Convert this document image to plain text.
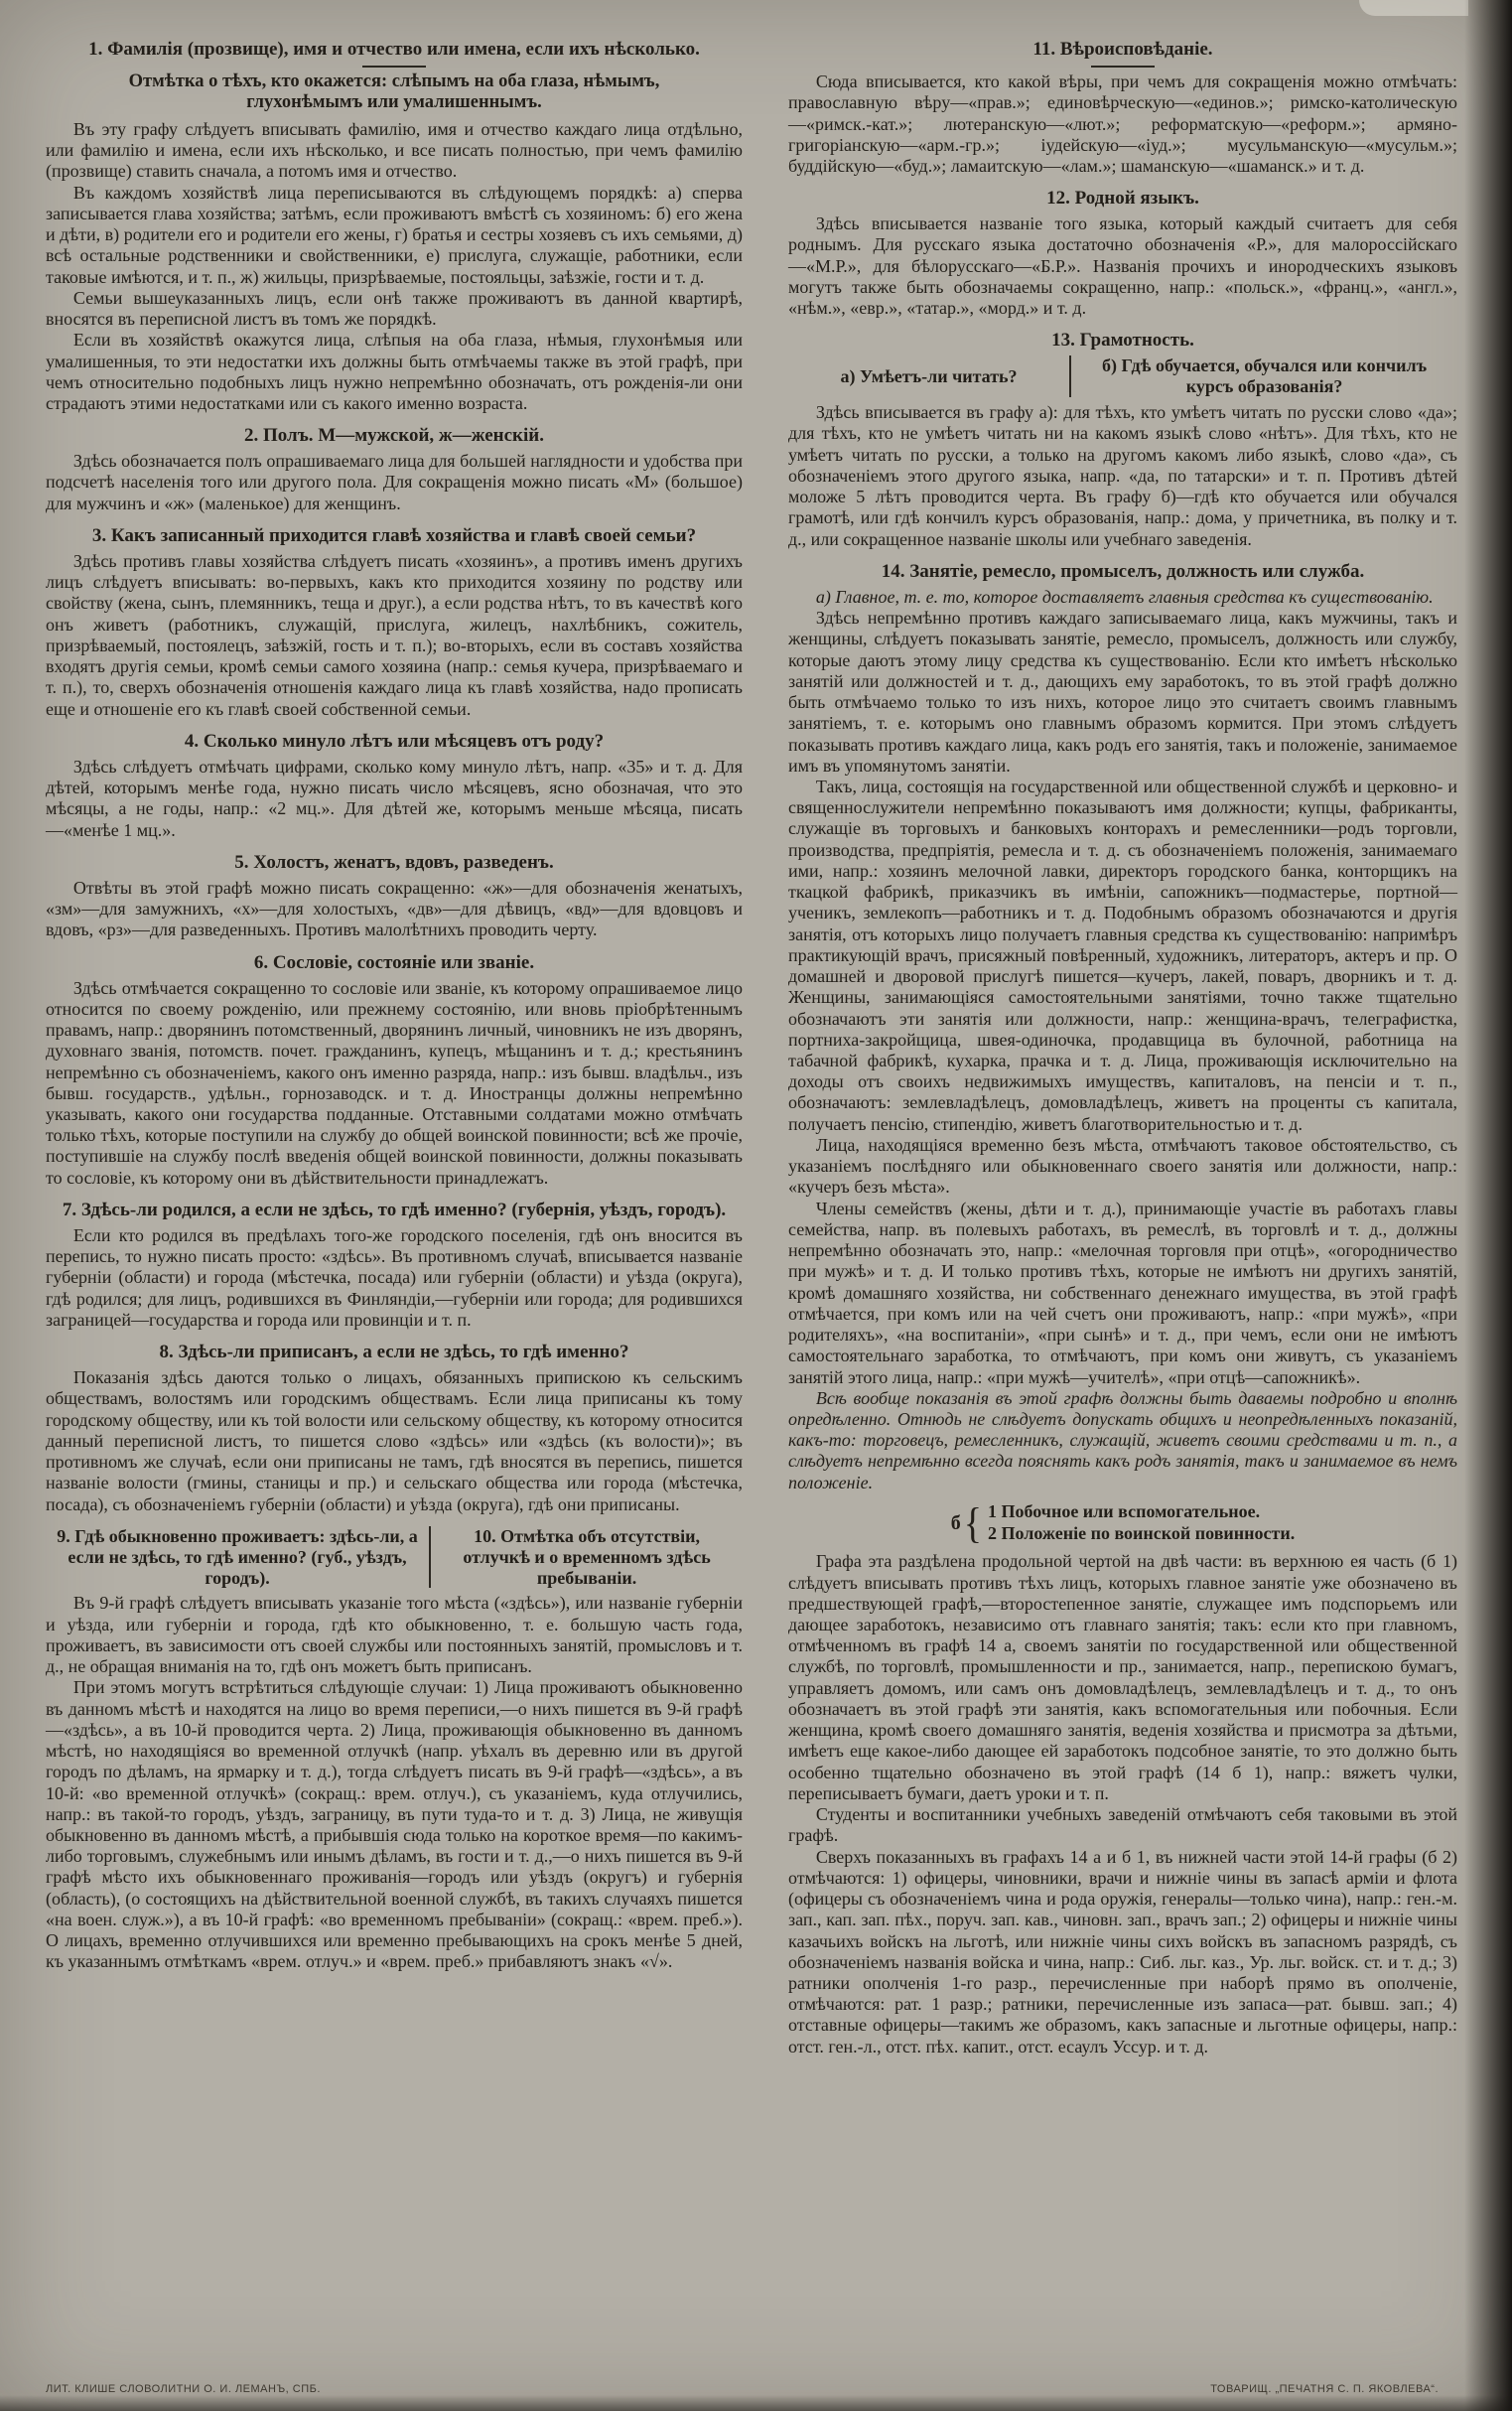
1. Фамилія (прозвище), имя и отчество или имена, если ихъ нѣсколько.
Отмѣтка о тѣхъ, кто окажется: слѣпымъ на оба глаза, нѣмымъ, глухонѣмымъ или умалишеннымъ.

Въ эту графу слѣдуетъ вписывать фамилію, имя и отчество каждаго лица отдѣльно, или фамилію и имена, если ихъ нѣсколько, и все писать полностью, при чемъ фамилію (прозвище) ставить сначала, а потомъ имя и отчество.

Въ каждомъ хозяйствѣ лица переписываются въ слѣдующемъ порядкѣ: а) сперва записывается глава хозяйства; затѣмъ, если проживаютъ вмѣстѣ съ хозяиномъ: б) его жена и дѣти, в) родители его и родители его жены, г) братья и сестры хозяевъ съ ихъ семьями, д) всѣ остальные родственники и свойственники, е) прислуга, служащіе, работники, если таковые имѣются, и т. п., ж) жильцы, призрѣваемые, постояльцы, заѣзжіе, гости и т. д.

Семьи вышеуказанныхъ лицъ, если онѣ также проживаютъ въ данной квартирѣ, вносятся въ переписной листъ въ томъ же порядкѣ.

Если въ хозяйствѣ окажутся лица, слѣпыя на оба глаза, нѣмыя, глухонѣмыя или умалишенныя, то эти недостатки ихъ должны быть отмѣчаемы также въ этой графѣ, при чемъ относительно подобныхъ лицъ нужно непремѣнно обозначать, отъ рожденія-ли они страдаютъ этими недостатками или съ какого именно возраста.

2. Полъ. М—мужской, ж—женскій.

Здѣсь обозначается полъ опрашиваемаго лица для большей наглядности и удобства при подсчетѣ населенія того или другого пола. Для сокращенія можно писать «М» (большое) для мужчинъ и «ж» (маленькое) для женщинъ.

3. Какъ записанный приходится главѣ хозяйства и главѣ своей семьи?

Здѣсь противъ главы хозяйства слѣдуетъ писать «хозяинъ», а противъ именъ другихъ лицъ слѣдуетъ вписывать: во-первыхъ, какъ кто приходится хозяину по родству или свойству (жена, сынъ, племянникъ, теща и друг.), а если родства нѣтъ, то въ качествѣ кого онъ живетъ (работникъ, служащій, прислуга, жилецъ, нахлѣбникъ, сожитель, призрѣваемый, постоялецъ, заѣзжій, гость и т. п.); во-вторыхъ, если въ составъ хозяйства входятъ другія семьи, кромѣ семьи самого хозяина (напр.: семья кучера, призрѣваемаго и т. п.), то, сверхъ обозначенія отношенія каждаго лица къ главѣ хозяйства, надо прописать еще и отношеніе его къ главѣ своей собственной семьи.

4. Сколько минуло лѣтъ или мѣсяцевъ отъ роду?

Здѣсь слѣдуетъ отмѣчать цифрами, сколько кому минуло лѣтъ, напр. «35» и т. д. Для дѣтей, которымъ менѣе года, нужно писать число мѣсяцевъ, ясно обозначая, что это мѣсяцы, а не годы, напр.: «2 мц.». Для дѣтей же, которымъ меньше мѣсяца, писать—«менѣе 1 мц.».

5. Холостъ, женатъ, вдовъ, разведенъ.

Отвѣты въ этой графѣ можно писать сокращенно: «ж»—для обозначенія женатыхъ, «зм»—для замужнихъ, «х»—для холостыхъ, «дв»—для дѣвицъ, «вд»—для вдовцовъ и вдовъ, «рз»—для разведенныхъ. Противъ малолѣтнихъ проводить черту.

6. Сословіе, состояніе или званіе.

Здѣсь отмѣчается сокращенно то сословіе или званіе, къ которому опрашиваемое лицо относится по своему рожденію, или прежнему состоянію, или вновь пріобрѣтеннымъ правамъ, напр.: дворянинъ потомственный, дворянинъ личный, чиновникъ не изъ дворянъ, духовнаго званія, потомств. почет. гражданинъ, купецъ, мѣщанинъ и т. д.; крестьянинъ непремѣнно съ обозначеніемъ, какого онъ именно разряда, напр.: изъ бывш. владѣльч., изъ бывш. государств., удѣльн., горнозаводск. и т. д. Иностранцы должны непремѣнно указывать, какого они государства подданные. Отставными солдатами можно отмѣчать только тѣхъ, которые поступили на службу до общей воинской повинности; всѣ же прочіе, поступившіе на службу послѣ введенія общей воинской повинности, должны показывать то сословіе, къ которому они въ дѣйствительности принадлежатъ.

7. Здѣсь-ли родился, а если не здѣсь, то гдѣ именно? (губернія, уѣздъ, городъ).

Если кто родился въ предѣлахъ того-же городского поселенія, гдѣ онъ вносится въ перепись, то нужно писать просто: «здѣсь». Въ противномъ случаѣ, вписывается названіе губерніи (области) и города (мѣстечка, посада) или губерніи (области) и уѣзда (округа), гдѣ родился; для лицъ, родившихся въ Финляндіи,—губерніи или города; для родившихся заграницей—государства и города или провинціи и т. п.

8. Здѣсь-ли приписанъ, а если не здѣсь, то гдѣ именно?

Показанія здѣсь даются только о лицахъ, обязанныхъ припискою къ сельскимъ обществамъ, волостямъ или городскимъ обществамъ. Если лица приписаны къ тому городскому обществу, или къ той волости или сельскому обществу, къ которому относится данный переписной листъ, то пишется слово «здѣсь» или «здѣсь (къ волости)»; въ противномъ же случаѣ, если они приписаны не тамъ, гдѣ вносятся въ перепись, пишется названіе волости (гмины, станицы и пр.) и сельскаго общества или города (мѣстечка, посада), съ обозначеніемъ губерніи (области) и уѣзда (округа), гдѣ они приписаны.

9. Гдѣ обыкновенно проживаетъ: здѣсь-ли, а если не здѣсь, то гдѣ именно? (губ., уѣздъ, городъ).
10. Отмѣтка объ отсутствіи, отлучкѣ и о временномъ здѣсь пребываніи.

Въ 9-й графѣ слѣдуетъ вписывать указаніе того мѣста («здѣсь»), или названіе губерніи и уѣзда, или губерніи и города, гдѣ кто обыкновенно, т. е. большую часть года, проживаетъ, въ зависимости отъ своей службы или постоянныхъ занятій, промысловъ и т. д., не обращая вниманія на то, гдѣ онъ можетъ быть приписанъ.

При этомъ могутъ встрѣтиться слѣдующіе случаи: 1) Лица проживаютъ обыкновенно въ данномъ мѣстѣ и находятся на лицо во время переписи,—о нихъ пишется въ 9-й графѣ—«здѣсь», а въ 10-й проводится черта. 2) Лица, проживающія обыкновенно въ данномъ мѣстѣ, но находящіяся во временной отлучкѣ (напр. уѣхалъ въ деревню или въ другой городъ по дѣламъ, на ярмарку и т. д.), тогда слѣдуетъ писать въ 9-й графѣ—«здѣсь», а въ 10-й: «во временной отлучкѣ» (сокращ.: врем. отлуч.), съ указаніемъ, куда отлучились, напр.: въ такой-то городъ, уѣздъ, заграницу, въ пути туда-то и т. д. 3) Лица, не живущія обыкновенно въ данномъ мѣстѣ, а прибывшія сюда только на короткое время—по какимъ-либо торговымъ, служебнымъ или инымъ дѣламъ, въ гости и т. д.,—о нихъ пишется въ 9-й графѣ мѣсто ихъ обыкновеннаго проживанія—городъ или уѣздъ (округъ) и губернія (область), (о состоящихъ на дѣйствительной военной службѣ, въ такихъ случаяхъ пишется «на воен. служ.»), а въ 10-й графѣ: «во временномъ пребываніи» (сокращ.: «врем. преб.»). О лицахъ, временно отлучившихся или временно пребывающихъ на срокъ менѣе 5 дней, къ указаннымъ отмѣткамъ «врем. отлуч.» и «врем. преб.» прибавляютъ знакъ «√».

11. Вѣроисповѣданіе.

Сюда вписывается, кто какой вѣры, при чемъ для сокращенія можно отмѣчать: православную вѣру—«прав.»; единовѣрческую—«единов.»; римско-католическую—«римск.-кат.»; лютеранскую—«лют.»; реформатскую—«реформ.»; армяно-григоріанскую—«арм.-гр.»; іудейскую—«іуд.»; мусульманскую—«мусульм.»; буддійскую—«буд.»; ламаитскую—«лам.»; шаманскую—«шаманск.» и т. д.

12. Родной языкъ.

Здѣсь вписывается названіе того языка, который каждый считаетъ для себя роднымъ. Для русскаго языка достаточно обозначенія «Р.», для малороссійскаго—«М.Р.», для бѣлорусскаго—«Б.Р.». Названія прочихъ и инородческихъ языковъ могутъ также быть обозначаемы сокращенно, напр.: «польск.», «франц.», «англ.», «нѣм.», «евр.», «татар.», «морд.» и т. д.

13. Грамотность.
а) Умѣетъ-ли читать?
б) Гдѣ обучается, обучался или кончилъ курсъ образованія?

Здѣсь вписывается въ графу а): для тѣхъ, кто умѣетъ читать по русски слово «да»; для тѣхъ, кто не умѣетъ читать ни на какомъ языкѣ слово «нѣтъ». Для тѣхъ, кто не умѣетъ читать по русски, а только на другомъ какомъ либо языкѣ, слово «да», съ обозначеніемъ этого другого языка, напр. «да, по татарски» и т. п. Противъ дѣтей моложе 5 лѣтъ проводится черта. Въ графу б)—гдѣ кто обучается или обучался грамотѣ, или гдѣ кончилъ курсъ образованія, напр.: дома, у причетника, въ полку и т. д., или сокращенное названіе школы или учебнаго заведенія.

14. Занятіе, ремесло, промыселъ, должность или служба.

а) Главное, т. е. то, которое доставляетъ главныя средства къ существованію.

Здѣсь непремѣнно противъ каждаго записываемаго лица, какъ мужчины, такъ и женщины, слѣдуетъ показывать занятіе, ремесло, промыселъ, должность или службу, которые даютъ этому лицу средства къ существованію. Если кто имѣетъ нѣсколько занятій или должностей и т. д., дающихъ ему заработокъ, то въ этой графѣ должно быть отмѣчаемо только то изъ нихъ, которое лицо это считаетъ своимъ главнымъ занятіемъ, т. е. которымъ оно главнымъ образомъ кормится. При этомъ слѣдуетъ показывать противъ каждаго лица, какъ родъ его занятія, такъ и положеніе, занимаемое имъ въ упомянутомъ занятіи.

Такъ, лица, состоящія на государственной или общественной службѣ и церковно- и священнослужители непремѣнно показываютъ имя должности; купцы, фабриканты, служащіе въ торговыхъ и банковыхъ конторахъ и ремесленники—родъ торговли, производства, предпріятія, ремесла и т. д. съ обозначеніемъ положенія, занимаемаго ими, напр.: хозяинъ мелочной лавки, директоръ городского банка, конторщикъ на ткацкой фабрикѣ, приказчикъ въ имѣніи, сапожникъ—подмастерье, портной—ученикъ, землекопъ—работникъ и т. д. Подобнымъ образомъ обозначаются и другія занятія, отъ которыхъ лицо получаетъ главныя средства къ существованію: напримѣръ практикующій врачъ, присяжный повѣренный, художникъ, литераторъ, актеръ и пр. О домашней и дворовой прислугѣ пишется—кучеръ, лакей, поваръ, дворникъ и т. д. Женщины, занимающіяся самостоятельными занятіями, точно также тщательно обозначаютъ эти занятія или должности, напр.: женщина-врачъ, телеграфистка, портниха-закройщица, швея-одиночка, продавщица въ булочной, работница на табачной фабрикѣ, кухарка, прачка и т. д. Лица, проживающія исключительно на доходы отъ своихъ недвижимыхъ имуществъ, капиталовъ, на пенсіи и т. п., обозначаютъ: землевладѣлецъ, домовладѣлецъ, живетъ на проценты съ капитала, получаетъ пенсію, стипендію, живетъ благотворительностью и т. д.

Лица, находящіяся временно безъ мѣста, отмѣчаютъ таковое обстоятельство, съ указаніемъ послѣдняго или обыкновеннаго своего занятія или должности, напр.: «кучеръ безъ мѣста».

Члены семействъ (жены, дѣти и т. д.), принимающіе участіе въ работахъ главы семейства, напр. въ полевыхъ работахъ, въ ремеслѣ, въ торговлѣ и т. д., должны непремѣнно обозначать это, напр.: «мелочная торговля при отцѣ», «огородничество при мужѣ» и т. д. И только противъ тѣхъ, которые не имѣютъ ни другихъ занятій, кромѣ домашняго хозяйства, ни собственнаго денежнаго имущества, въ этой графѣ отмѣчается, при комъ или на чей счетъ они проживаютъ, напр.: «при мужѣ», «при родителяхъ», «на воспитаніи», «при сынѣ» и т. д., при чемъ, если они не имѣютъ самостоятельнаго заработка, то отмѣчаютъ, при комъ они живутъ, съ указаніемъ занятій этого лица, напр.: «при мужѣ—учителѣ», «при отцѣ—сапожникѣ».

Всѣ вообще показанія въ этой графѣ должны быть даваемы подробно и вполнѣ опредѣленно. Отнюдь не слѣдуетъ допускать общихъ и неопредѣленныхъ показаній, какъ-то: торговецъ, ремесленникъ, служащій, живетъ своими средствами и т. п., а слѣдуетъ непремѣнно всегда пояснять какъ родъ занятія, такъ и занимаемое въ немъ положеніе.

б { 1 Побочное или вспомогательное.
2 Положеніе по воинской повинности.

Графа эта раздѣлена продольной чертой на двѣ части: въ верхнюю ея часть (б 1) слѣдуетъ вписывать противъ тѣхъ лицъ, которыхъ главное занятіе уже обозначено въ предшествующей графѣ,—второстепенное занятіе, служащее имъ подспорьемъ или дающее заработокъ, независимо отъ главнаго занятія; такъ: если кто при главномъ, отмѣченномъ въ графѣ 14 а, своемъ занятіи по государственной или общественной службѣ, по торговлѣ, промышленности и пр., занимается, напр., перепискою бумагъ, управляетъ домомъ, или самъ онъ домовладѣлецъ, землевладѣлецъ и т. д., то онъ обозначаетъ въ этой графѣ эти занятія, какъ вспомогательныя или побочныя. Если женщина, кромѣ своего домашняго занятія, веденія хозяйства и присмотра за дѣтьми, имѣетъ еще какое-либо дающее ей заработокъ подсобное занятіе, то это должно быть особенно тщательно обозначено въ этой графѣ (14 б 1), напр.: вяжетъ чулки, переписываетъ бумаги, даетъ уроки и т. п.

Студенты и воспитанники учебныхъ заведеній отмѣчаютъ себя таковыми въ этой графѣ.

Сверхъ показанныхъ въ графахъ 14 а и б 1, въ нижней части этой 14-й графы (б 2) отмѣчаются: 1) офицеры, чиновники, врачи и нижніе чины въ запасѣ арміи и флота (офицеры съ обозначеніемъ чина и рода оружія, генералы—только чина), напр.: ген.-м. зап., кап. зап. пѣх., поруч. зап. кав., чиновн. зап., врачъ зап.; 2) офицеры и нижніе чины казачьихъ войскъ на льготѣ, или нижніе чины сихъ войскъ въ запасномъ разрядѣ, съ обозначеніемъ названія войска и чина, напр.: Сиб. льг. каз., Ур. льг. войск. ст. и т. д.; 3) ратники ополченія 1-го разр., перечисленные при наборѣ прямо въ ополченіе, отмѣчаются: рат. 1 разр.; ратники, перечисленные изъ запаса—рат. бывш. зап.; 4) отставные офицеры—такимъ же образомъ, какъ запасные и льготные офицеры, напр.: отст. ген.-л., отст. пѣх. капит., отст. есаулъ Уссур. и т. д.

ЛИТ. КЛИШЕ СЛОВОЛИТНИ О. И. ЛЕМАНЪ, СПБ.	ТОВАРИЩ. „ПЕЧАТНЯ С. П. ЯКОВЛЕВА“.
